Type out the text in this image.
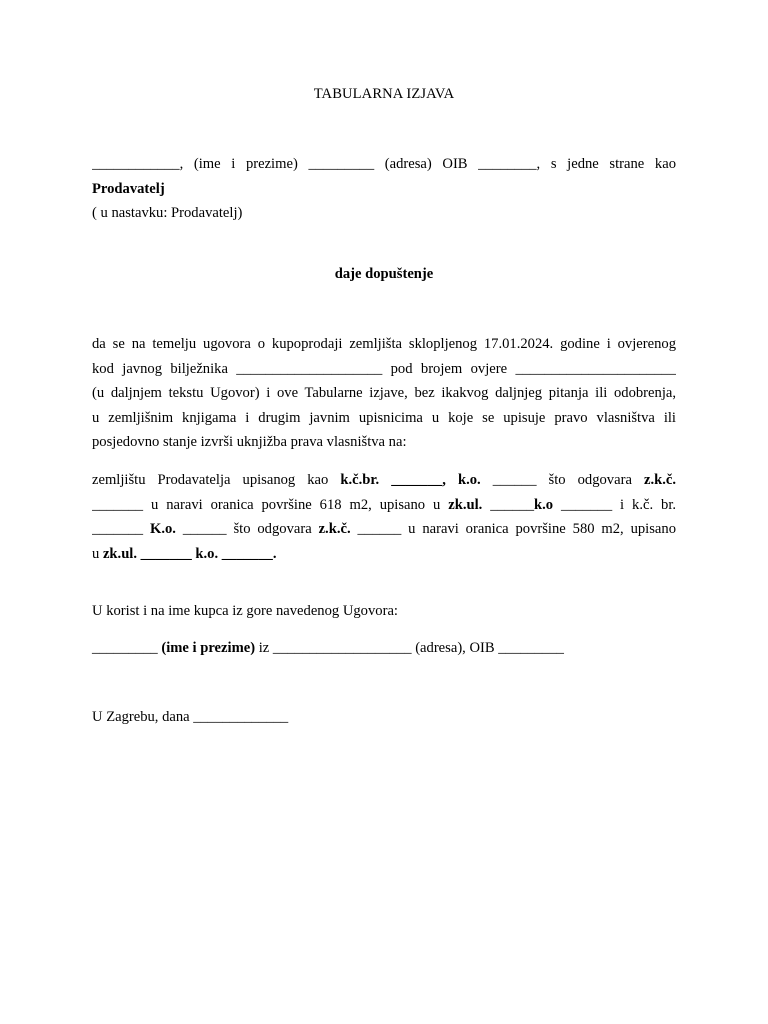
TABULARNA IZJAVA
____________, (ime i prezime) _________ (adresa) OIB ________, s jedne strane kao
Prodavatelj
( u nastavku: Prodavatelj)
daje dopuštenje
da se na temelju ugovora o kupoprodaji zemljišta sklopljenog 17.01.2024. godine i ovjerenog
kod javnog bilježnika ____________________ pod brojem ovjere ______________________
(u daljnjem tekstu Ugovor) i ove Tabularne izjave, bez ikakvog daljnjeg pitanja ili odobrenja,
u zemljišnim knjigama i drugim javnim upisnicima u koje se upisuje pravo vlasništva ili
posjedovno stanje izvrši uknjižba prava vlasništva na:
zemljištu Prodavatelja upisanog kao k.č.br. _______, k.o. ______ što odgovara z.k.č.
_______ u naravi oranica površine 618 m2, upisano u zk.ul. ______k.o _______ i k.č. br.
_______ K.o. ______ što odgovara z.k.č. ______ u naravi oranica površine 580 m2, upisano
u zk.ul. _______ k.o. _______.
U korist i na ime kupca iz gore navedenog Ugovora:
_________ (ime i prezime) iz ___________________ (adresa), OIB _________
U Zagrebu, dana _____________
